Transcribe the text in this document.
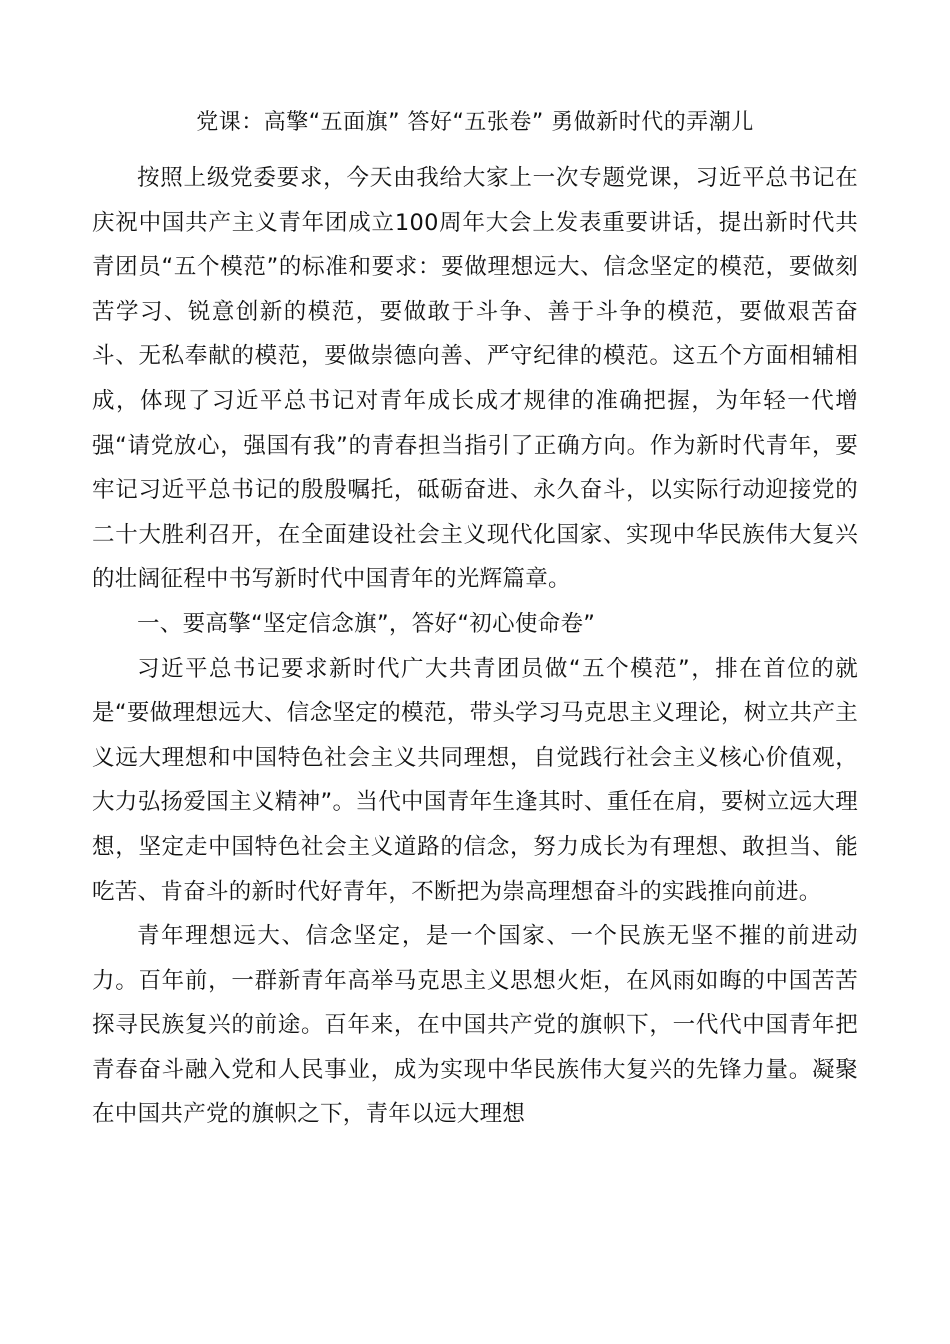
党课：高擎“五面旗” 答好“五张卷” 勇做新时代的弄潮儿

按照上级党委要求，今天由我给大家上一次专题党课，习近平总书记在庆祝中国共产主义青年团成立100周年大会上发表重要讲话，提出新时代共青团员“五个模范”的标准和要求：要做理想远大、信念坚定的模范，要做刻苦学习、锐意创新的模范，要做敢于斗争、善于斗争的模范，要做艰苦奋斗、无私奉献的模范，要做崇德向善、严守纪律的模范。这五个方面相辅相成，体现了习近平总书记对青年成长成才规律的准确把握，为年轻一代增强“请党放心，强国有我”的青春担当指引了正确方向。作为新时代青年，要牢记习近平总书记的殷殷嘱托，砥砺奋进、永久奋斗，以实际行动迎接党的二十大胜利召开，在全面建设社会主义现代化国家、实现中华民族伟大复兴的壮阔征程中书写新时代中国青年的光辉篇章。

一、要高擎“坚定信念旗”，答好“初心使命卷”

习近平总书记要求新时代广大共青团员做“五个模范”，排在首位的就是“要做理想远大、信念坚定的模范，带头学习马克思主义理论，树立共产主义远大理想和中国特色社会主义共同理想，自觉践行社会主义核心价值观，大力弘扬爱国主义精神”。当代中国青年生逢其时、重任在肩，要树立远大理想，坚定走中国特色社会主义道路的信念，努力成长为有理想、敢担当、能吃苦、肯奋斗的新时代好青年，不断把为崇高理想奋斗的实践推向前进。

青年理想远大、信念坚定，是一个国家、一个民族无坚不摧的前进动力。百年前，一群新青年高举马克思主义思想火炬，在风雨如晦的中国苦苦探寻民族复兴的前途。百年来，在中国共产党的旗帜下，一代代中国青年把青春奋斗融入党和人民事业，成为实现中华民族伟大复兴的先锋力量。凝聚在中国共产党的旗帜之下，青年以远大理想
